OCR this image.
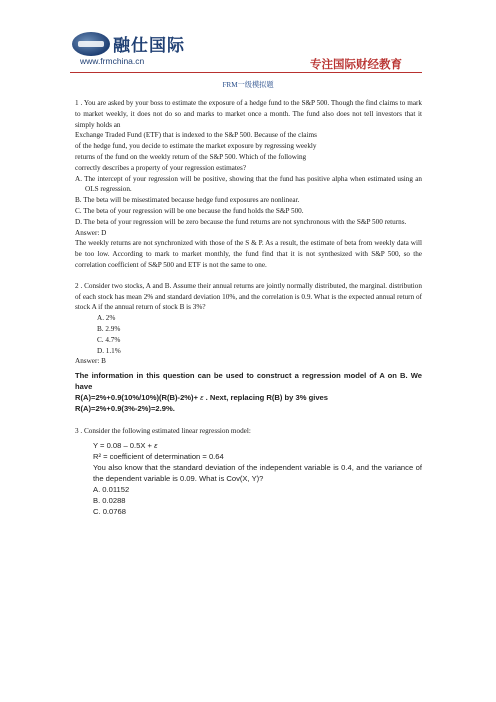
融仕国际
www.frmchina.cn	专注国际财经教育
FRM一级模拟题

1 . You are asked by your boss to estimate the exposure of a hedge fund to the S&P 500. Though the find claims to mark to market weekly, it does not do so and marks to market once a month. The fund also does not tell investors that it simply holds an

Exchange Traded Fund (ETF) that is indexed to the S&P 500. Because of the claims

of the hedge fund, you decide to estimate the market exposure by regressing weekly

returns of the fund on the weekly return of the S&P 500. Which of the following

correctly describes a property of your regression estimates?

A. The intercept of your regression will be positive, showing that the fund has positive alpha when estimated using an OLS regression.

B. The beta will be misestimated because hedge fund exposures are nonlinear.

C. The beta of your regression will be one because the fund holds the S&P 500.

D. The beta of your regression will be zero because the fund returns are not synchronous with the S&P 500 returns.

Answer: D

The weekly returns are not synchronized with those of the S & P. As a result, the estimate of beta from weekly data will be too low. According to mark to market monthly, the fund find that it is not synthesized with S&P 500, so the correlation coefficient of S&P 500 and ETF is not the same to one.

2 . Consider two stocks, A and B. Assume their annual returns are jointly normally distributed, the marginal. distribution of each stock has mean 2% and standard deviation 10%, and the correlation is 0.9. What is the expected annual return of stock A if the annual return of stock B is 3%?

A. 2%

B. 2.9%

C. 4.7%

D. 1.1%

Answer: B

The information in this question can be used to construct a regression model of A on B. We have

R(A)=2%+0.9(10%/10%)(R(B)-2%)+ ε . Next, replacing R(B) by 3% gives

R(A)=2%+0.9(3%-2%)=2.9%.

3 . Consider the following estimated linear regression model:

Y = 0.08 – 0.5X + ε

R² = coefficient of determination = 0.64

You also know that the standard deviation of the independent variable is 0.4, and the variance of the dependent variable is 0.09. What is Cov(X, Y)?

A. 0.01152

B. 0.0288

C. 0.0768
